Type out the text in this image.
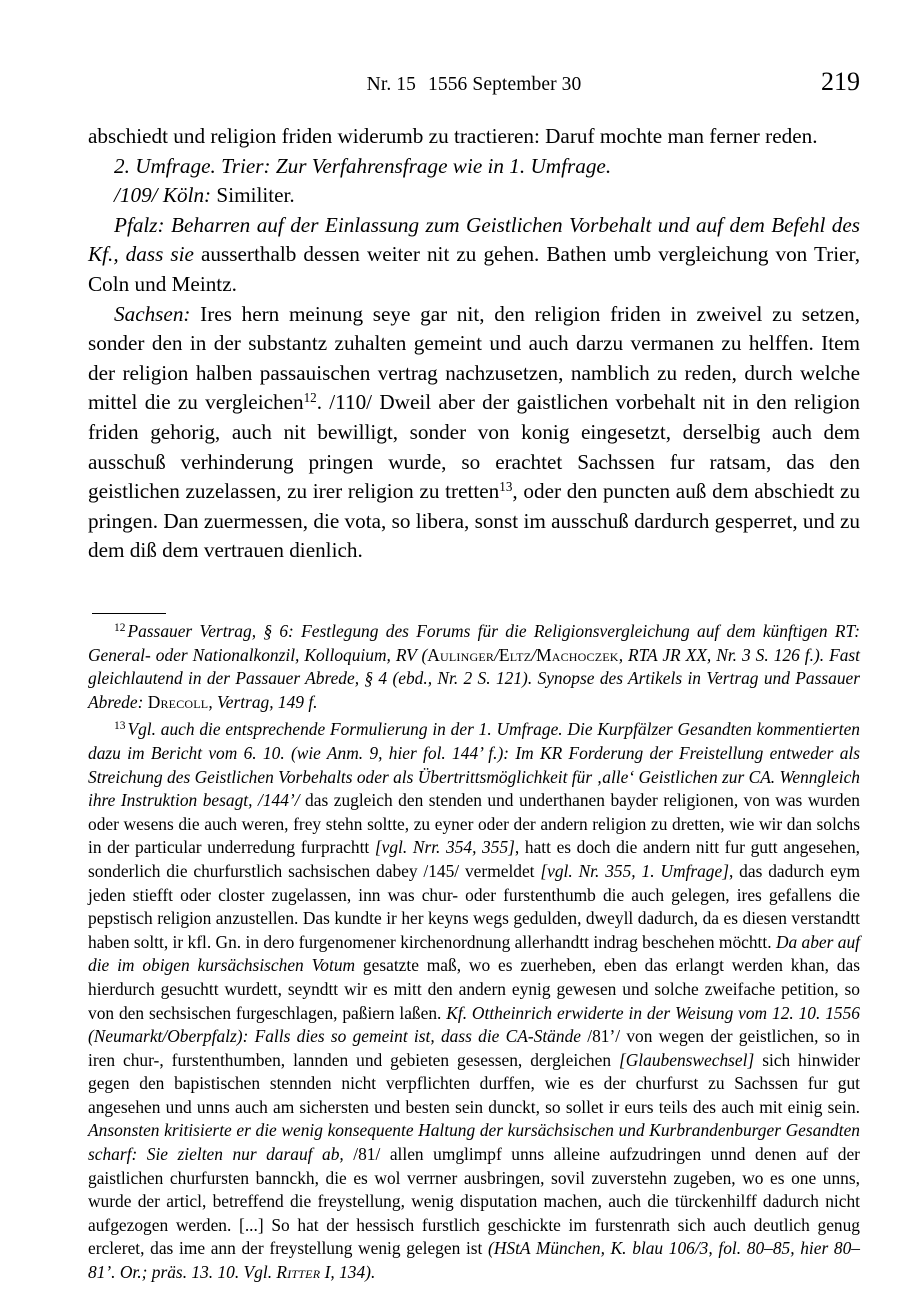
Nr. 15 1556 September 30	219

abschiedt und religion friden widerumb zu tractieren: Daruf mochte man ferner reden.

2. Umfrage. Trier: Zur Verfahrensfrage wie in 1. Umfrage.

/109/ Köln: Similiter.

Pfalz: Beharren auf der Einlassung zum Geistlichen Vorbehalt und auf dem Befehl des Kf., dass sie ausserthalb dessen weiter nit zu gehen. Bathen umb vergleichung von Trier, Coln und Meintz.

Sachsen: Ires hern meinung seye gar nit, den religion friden in zweivel zu setzen, sonder den in der substantz zuhalten gemeint und auch darzu vermanen zu helffen. Item der religion halben passauischen vertrag nachzusetzen, namblich zu reden, durch welche mittel die zu vergleichen$^{12}$. /110/ Dweil aber der gaistlichen vorbehalt nit in den religion friden gehorig, auch nit bewilligt, sonder von konig eingesetzt, derselbig auch dem ausschuß verhinderung pringen wurde, so erachtet Sachssen fur ratsam, das den geistlichen zuzelassen, zu irer religion zu tretten$^{13}$, oder den puncten auß dem abschiedt zu pringen. Dan zuermessen, die vota, so libera, sonst im ausschuß dardurch gesperret, und zu dem diß dem vertrauen dienlich.

$^{12}$ Passauer Vertrag, § 6: Festlegung des Forums für die Religionsvergleichung auf dem künftigen RT: General- oder Nationalkonzil, Kolloquium, RV (Aulinger/Eltz/Machoczek, RTA JR XX, Nr. 3 S. 126 f.). Fast gleichlautend in der Passauer Abrede, § 4 (ebd., Nr. 2 S. 121). Synopse des Artikels in Vertrag und Passauer Abrede: Drecoll, Vertrag, 149 f.

$^{13}$ Vgl. auch die entsprechende Formulierung in der 1. Umfrage. Die Kurpfälzer Gesandten kommentierten dazu im Bericht vom 6. 10. (wie Anm. 9, hier fol. 144’ f.): Im KR Forderung der Freistellung entweder als Streichung des Geistlichen Vorbehalts oder als Übertrittsmöglichkeit für ‚alle‘ Geistlichen zur CA. Wenngleich ihre Instruktion besagt, /144’/ das zugleich den stenden und underthanen bayder religionen, von was wurden oder wesens die auch weren, frey stehn soltte, zu eyner oder der andern religion zu dretten, wie wir dan solchs in der particular underredung furprachtt [vgl. Nrr. 354, 355], hatt es doch die andern nitt fur gutt angesehen, sonderlich die churfurstlich sachsischen dabey /145/ vermeldet [vgl. Nr. 355, 1. Umfrage], das dadurch eym jeden stiefft oder closter zugelassen, inn was chur- oder furstenthumb die auch gelegen, ires gefallens die pepstisch religion anzustellen. Das kundte ir her keyns wegs gedulden, dweyll dadurch, da es diesen verstandtt haben soltt, ir kfl. Gn. in dero furgenomener kirchenordnung allerhandtt indrag beschehen möchtt. Da aber auf die im obigen kursächsischen Votum gesatzte maß, wo es zuerheben, eben das erlangt werden khan, das hierdurch gesuchtt wurdett, seyndtt wir es mitt den andern eynig gewesen und solche zweifache petition, so von den sechsischen furgeschlagen, paßiern laßen. Kf. Ottheinrich erwiderte in der Weisung vom 12. 10. 1556 (Neumarkt/Oberpfalz): Falls dies so gemeint ist, dass die CA-Stände /81’/ von wegen der geistlichen, so in iren chur-, furstenthumben, lannden und gebieten gesessen, dergleichen [Glaubenswechsel] sich hinwider gegen den bapistischen stennden nicht verpflichten durffen, wie es der churfurst zu Sachssen fur gut angesehen und unns auch am sichersten und besten sein dunckt, so sollet ir eurs teils des auch mit einig sein. Ansonsten kritisierte er die wenig konsequente Haltung der kursächsischen und Kurbrandenburger Gesandten scharf: Sie zielten nur darauf ab, /81/ allen umglimpf unns alleine aufzudringen unnd denen auf der gaistlichen churfursten bannckh, die es wol verrner ausbringen, sovil zuverstehn zugeben, wo es one unns, wurde der articl, betreffend die freystellung, wenig disputation machen, auch die türckenhilff dadurch nicht aufgezogen werden. [...] So hat der hessisch furstlich geschickte im furstenrath sich auch deutlich genug ercleret, das ime ann der freystellung wenig gelegen ist (HStA München, K. blau 106/3, fol. 80–85, hier 80–81’. Or.; präs. 13. 10. Vgl. Ritter I, 134).
